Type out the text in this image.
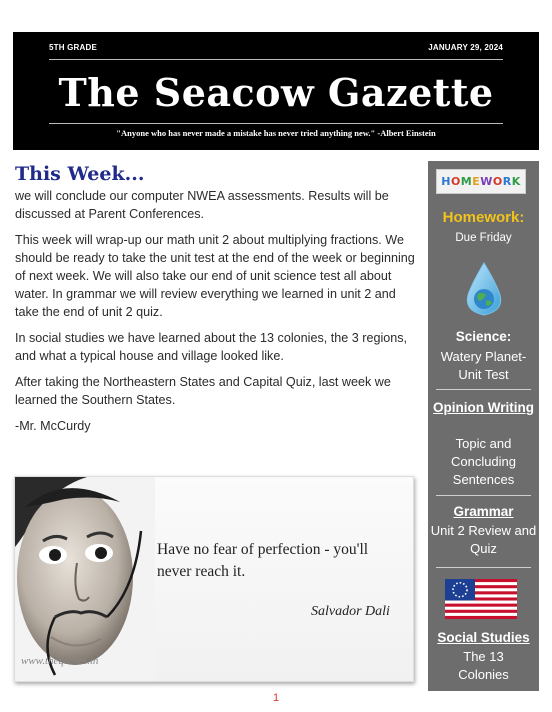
5TH GRADE	JANUARY 29, 2024
The Seacow Gazette
"Anyone who has never made a mistake has never tried anything new." -Albert Einstein
This Week...

we will conclude our computer NWEA assessments. Results will be discussed at Parent Conferences.

This week will wrap-up our math unit 2 about multiplying fractions. We should be ready to take the unit test at the end of the week or beginning of next week. We will also take our end of unit science test all about water. In grammar we will review everything we learned in unit 2 and take the end of unit 2 quiz.

In social studies we have learned about the 13 colonies, the 3 regions, and what a typical house and village looked like.

After taking the Northeastern States and Capital Quiz, last week we learned the Southern States.

-Mr. McCurdy

Have no fear of perfection - you'll never reach it.
Salvador Dali
www.thequotes.in
HOMEWORK
Homework:
Due Friday
Science:
Watery Planet- Unit Test
Opinion Writing
Topic and Concluding Sentences
Grammar
Unit 2 Review and Quiz
Social Studies
The 13 Colonies
1
